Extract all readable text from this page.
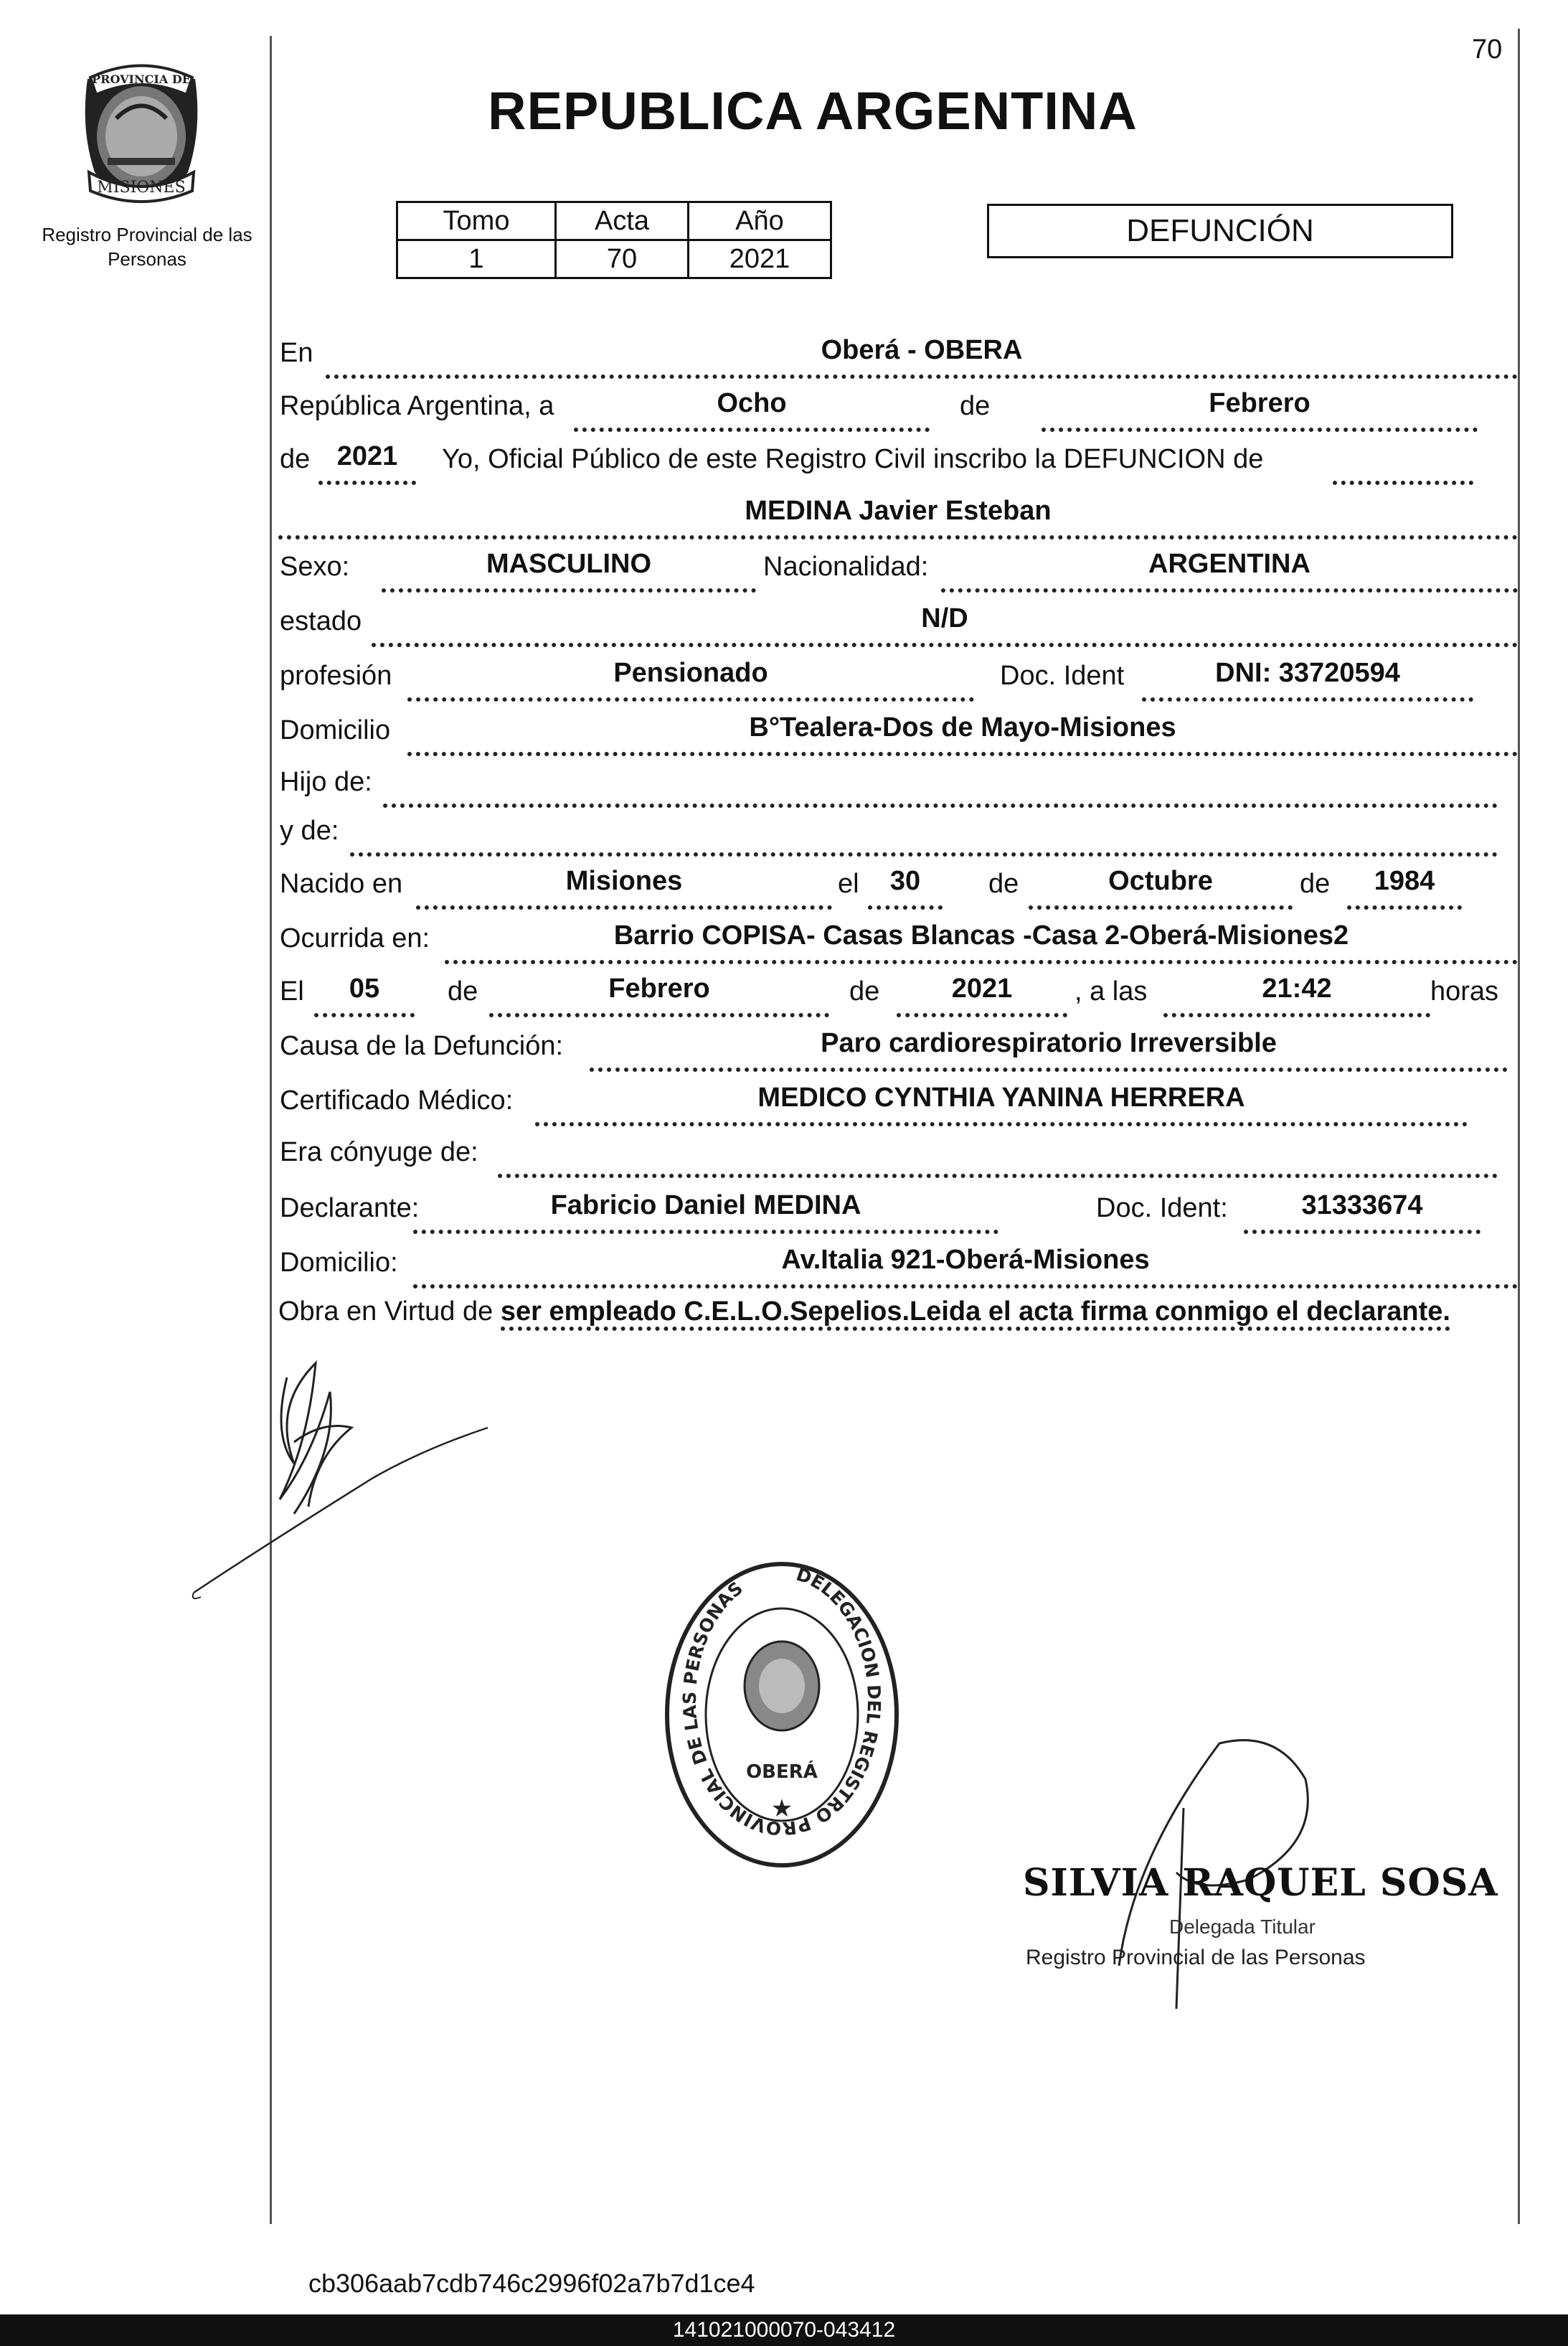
70
PROVINCIA DE
MISIONES
Registro Provincial de las Personas
REPUBLICA ARGENTINA
Tomo	Acta	Año
1	70	2021
DEFUNCIÓN
En	Oberá - OBERA
República Argentina, a	Ocho	de	Febrero
de 2021	Yo, Oficial Público de este Registro Civil inscribo la DEFUNCION de
MEDINA Javier Esteban
Sexo:	MASCULINO	Nacionalidad:	ARGENTINA
estado	N/D
profesión	Pensionado	Doc. Ident	DNI: 33720594
Domicilio	B°Tealera-Dos de Mayo-Misiones
Hijo de:
y de:
Nacido en	Misiones	el	30	de	Octubre	de	1984
Ocurrida en:	Barrio COPISA- Casas Blancas -Casa 2-Oberá-Misiones2
El	05	de	Febrero	de	2021	, a las	21:42	horas
Causa de la Defunción:	Paro cardiorespiratorio Irreversible
Certificado Médico:	MEDICO CYNTHIA YANINA HERRERA
Era cónyuge de:
Declarante:	Fabricio Daniel MEDINA	Doc. Ident:	31333674
Domicilio:	Av.Italia 921-Oberá-Misiones
Obra en Virtud de ser empleado C.E.L.O.Sepelios.Leida el acta firma conmigo el declarante.
DELEGACION DEL REGISTRO PROVINCIAL DE LAS PERSONAS
OBERÁ
★
SILVIA RAQUEL SOSA
Delegada Titular
Registro Provincial de las Personas
cb306aab7cdb746c2996f02a7b7d1ce4
141021000070-043412
